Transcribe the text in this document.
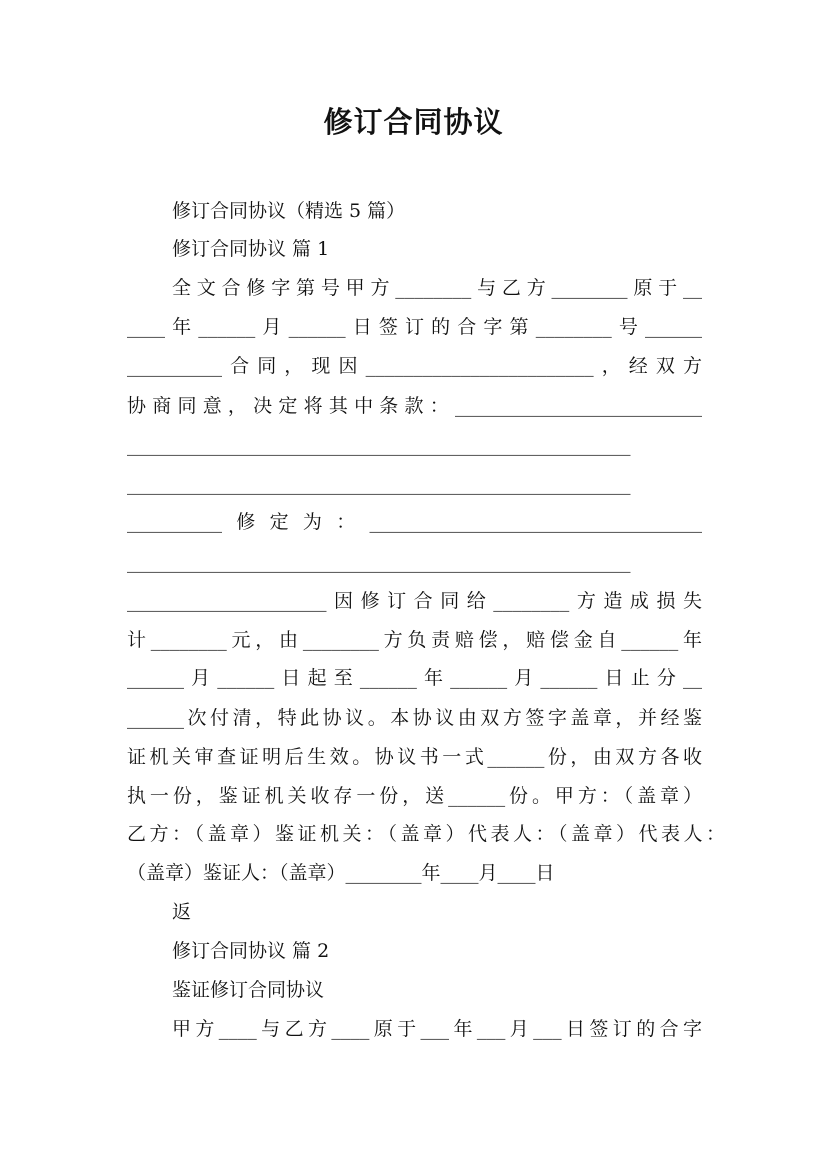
修订合同协议
修订合同协议（精选 5 篇）
修订合同协议 篇 1
全文合修字第号甲方________与乙方________原于__
____年______月______日签订的合字第________号______
__________合同，现因________________________，经双方
协商同意，决定将其中条款：__________________________
_____________________________________________________
_____________________________________________________
__________修定为：___________________________________
_____________________________________________________
_____________________因修订合同给________方造成损失
计________元，由________方负责赔偿，赔偿金自______年
______月______日起至______年______月______日止分__
______次付清，特此协议。本协议由双方签字盖章，并经鉴
证机关审查证明后生效。协议书一式______份，由双方各收
执一份，鉴证机关收存一份，送______份。甲方：（盖章）
乙方：（盖章）鉴证机关：（盖章）代表人：（盖章）代表人：
（盖章）鉴证人：（盖章）________年____月____日
返
修订合同协议 篇 2
鉴证修订合同协议
甲方____与乙方____原于___年___月___日签订的合字
